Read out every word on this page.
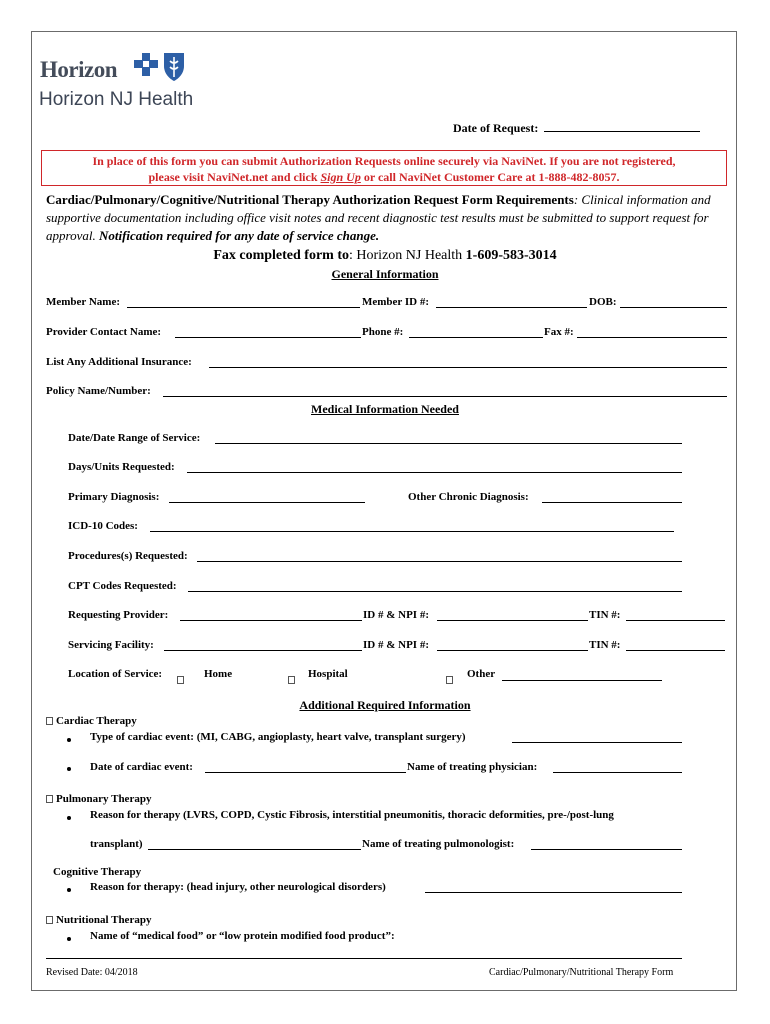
Horizon
Horizon NJ Health
Date of Request:
In place of this form you can submit Authorization Requests online securely via NaviNet. If you are not registered,
please visit NaviNet.net and click Sign Up or call NaviNet Customer Care at 1-888-482-8057.
Cardiac/Pulmonary/Cognitive/Nutritional Therapy Authorization Request Form Requirements: Clinical information and supportive documentation including office visit notes and recent diagnostic test results must be submitted to support request for approval. Notification required for any date of service change.
Fax completed form to: Horizon NJ Health 1-609-583-3014
General Information
Member Name:	Member ID #:	DOB:
Provider Contact Name:	Phone #:	Fax #:
List Any Additional Insurance:
Policy Name/Number:
Medical Information Needed
Date/Date Range of Service:
Days/Units Requested:
Primary Diagnosis:	Other Chronic Diagnosis:
ICD-10 Codes:
Procedures(s) Requested:
CPT Codes Requested:
Requesting Provider:	ID # & NPI #:	TIN #:
Servicing Facility:	ID # & NPI #:	TIN #:
Location of Service:	Home	Hospital	Other
Additional Required Information
Cardiac Therapy
Type of cardiac event: (MI, CABG, angioplasty, heart valve, transplant surgery)
Date of cardiac event:	Name of treating physician:
Pulmonary Therapy
Reason for therapy (LVRS, COPD, Cystic Fibrosis, interstitial pneumonitis, thoracic deformities, pre-/post-lung
transplant)	Name of treating pulmonologist:
Cognitive Therapy
Reason for therapy: (head injury, other neurological disorders)
Nutritional Therapy
Name of “medical food” or “low protein modified food product”:
Revised Date: 04/2018	Cardiac/Pulmonary/Nutritional Therapy Form
